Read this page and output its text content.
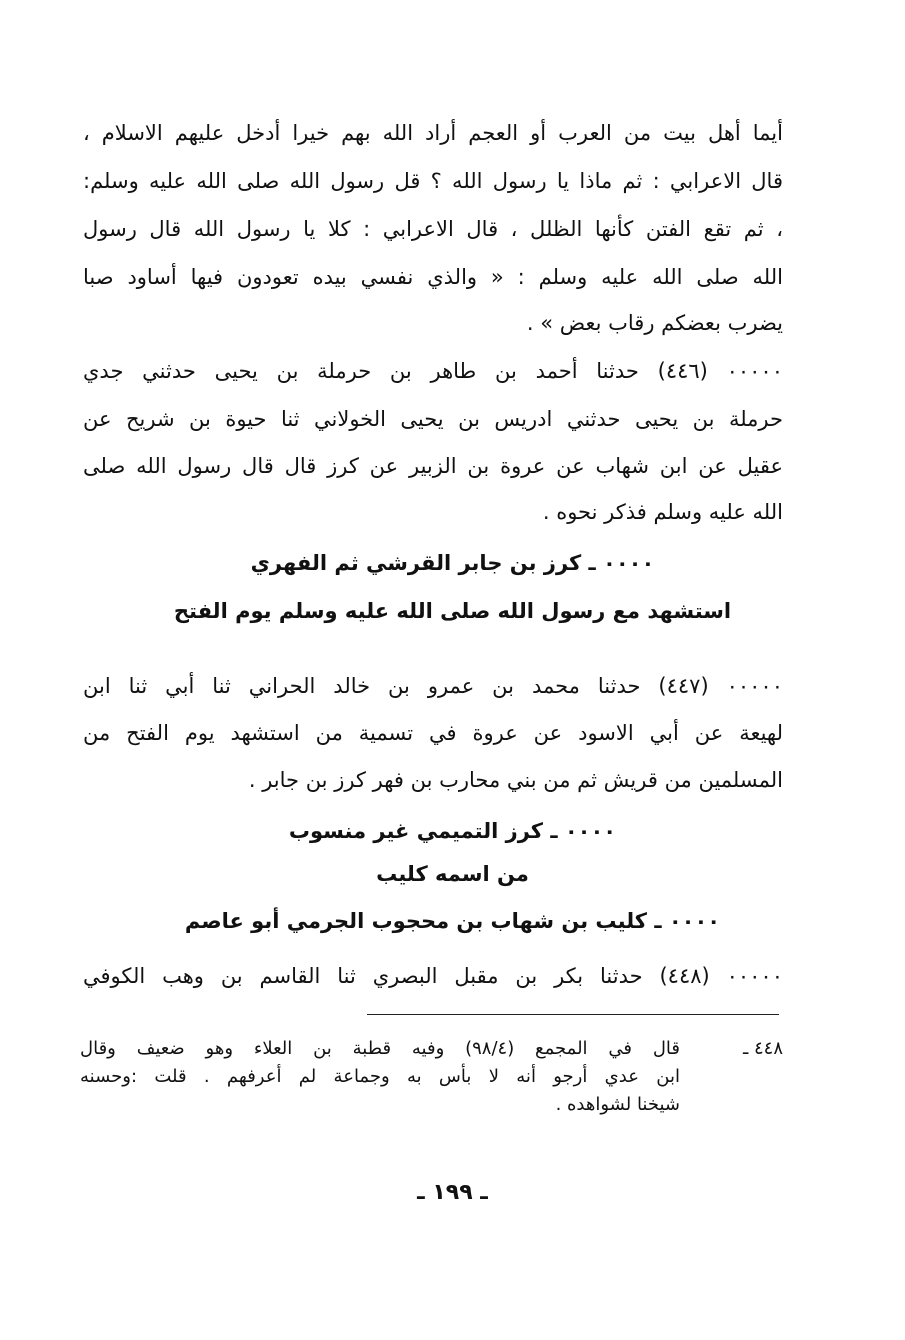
أيما أهل بيت من العرب أو العجم أراد الله بهم خيرا أدخل عليهم الاسلام ،
قال الاعرابي : ثم ماذا يا رسول الله ؟ قل رسول الله صلى الله عليه وسلم:
، ثم تقع الفتن كأنها الظلل ، قال الاعرابي : كلا يا رسول الله قال رسول
الله صلى الله عليه وسلم : « والذي نفسي بيده تعودون فيها أساود صبا
يضرب بعضكم رقاب بعض » .
٠٠٠٠٠ (٤٤٦) حدثنا أحمد بن طاهر بن حرملة بن يحيى حدثني جدي
حرملة بن يحيى حدثني ادريس بن يحيى الخولاني ثنا حيوة بن شريح عن
عقيل عن ابن شهاب عن عروة بن الزبير عن كرز قال قال رسول الله صلى
الله عليه وسلم فذكر نحوه .
٠٠٠٠ ـ كرز بن جابر القرشي ثم الفهري
استشهد مع رسول الله صلى الله عليه وسلم يوم الفتح
٠٠٠٠٠ (٤٤٧) حدثنا محمد بن عمرو بن خالد الحراني ثنا أبي ثنا ابن
لهيعة عن أبي الاسود عن عروة في تسمية من استشهد يوم الفتح من
المسلمين من قريش ثم من بني محارب بن فهر كرز بن جابر .
٠٠٠٠ ـ كرز التميمي غير منسوب
من اسمه كليب
٠٠٠٠ ـ كليب بن شهاب بن محجوب الجرمي أبو عاصم
٠٠٠٠٠ (٤٤٨) حدثنا بكر بن مقبل البصري ثنا القاسم بن وهب الكوفي
٤٤٨ ـ
قال في المجمع (٩٨/٤) وفيه قطبة بن العلاء وهو ضعيف وقال
ابن عدي أرجو أنه لا بأس به وجماعة لم أعرفهم . قلت :وحسنه
شيخنا لشواهده .
ـ ١٩٩ ـ
